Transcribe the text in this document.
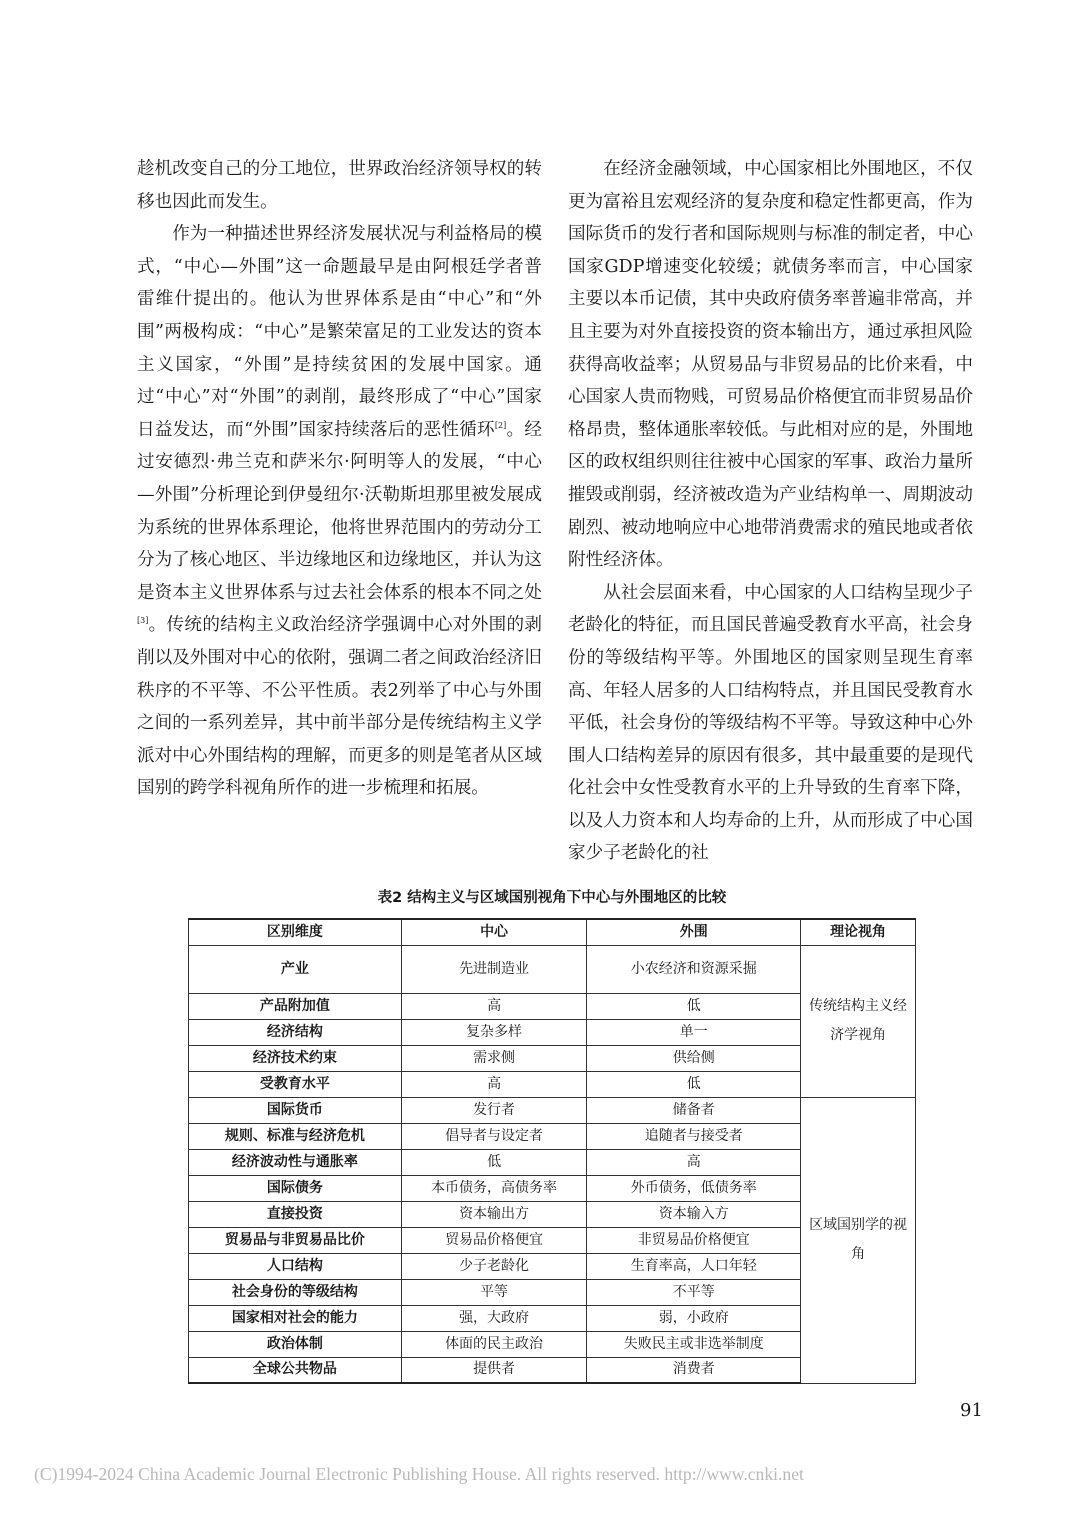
趁机改变自己的分工地位，世界政治经济领导权的转移也因此而发生。

作为一种描述世界经济发展状况与利益格局的模式，“中心—外围”这一命题最早是由阿根廷学者普雷维什提出的。他认为世界体系是由“中心”和“外围”两极构成：“中心”是繁荣富足的工业发达的资本主义国家，“外围”是持续贫困的发展中国家。通过“中心”对“外围”的剥削，最终形成了“中心”国家日益发达，而“外围”国家持续落后的恶性循环[2]。经过安德烈·弗兰克和萨米尔·阿明等人的发展，“中心—外围”分析理论到伊曼纽尔·沃勒斯坦那里被发展成为系统的世界体系理论，他将世界范围内的劳动分工分为了核心地区、半边缘地区和边缘地区，并认为这是资本主义世界体系与过去社会体系的根本不同之处[3]。传统的结构主义政治经济学强调中心对外围的剥削以及外围对中心的依附，强调二者之间政治经济旧秩序的不平等、不公平性质。表2列举了中心与外围之间的一系列差异，其中前半部分是传统结构主义学派对中心外围结构的理解，而更多的则是笔者从区域国别的跨学科视角所作的进一步梳理和拓展。

在经济金融领域，中心国家相比外围地区，不仅更为富裕且宏观经济的复杂度和稳定性都更高，作为国际货币的发行者和国际规则与标准的制定者，中心国家GDP增速变化较缓；就债务率而言，中心国家主要以本币记债，其中央政府债务率普遍非常高，并且主要为对外直接投资的资本输出方，通过承担风险获得高收益率；从贸易品与非贸易品的比价来看，中心国家人贵而物贱，可贸易品价格便宜而非贸易品价格昂贵，整体通胀率较低。与此相对应的是，外围地区的政权组织则往往被中心国家的军事、政治力量所摧毁或削弱，经济被改造为产业结构单一、周期波动剧烈、被动地响应中心地带消费需求的殖民地或者依附性经济体。

从社会层面来看，中心国家的人口结构呈现少子老龄化的特征，而且国民普遍受教育水平高，社会身份的等级结构平等。外围地区的国家则呈现生育率高、年轻人居多的人口结构特点，并且国民受教育水平低，社会身份的等级结构不平等。导致这种中心外围人口结构差异的原因有很多，其中最重要的是现代化社会中女性受教育水平的上升导致的生育率下降，以及人力资本和人均寿命的上升，从而形成了中心国家少子老龄化的社

表2 结构主义与区域国别视角下中心与外围地区的比较
区别维度	中心	外围	理论视角
产业	先进制造业	小农经济和资源采掘	传统结构主义经济学视角
产品附加值	高	低	
经济结构	复杂多样	单一	
经济技术约束	需求侧	供给侧	
受教育水平	高	低	
国际货币	发行者	储备者	区域国别学的视角
规则、标准与经济危机	倡导者与设定者	追随者与接受者	
经济波动性与通胀率	低	高	
国际债务	本币债务，高债务率	外币债务，低债务率	
直接投资	资本输出方	资本输入方	
贸易品与非贸易品比价	贸易品价格便宜	非贸易品价格便宜	
人口结构	少子老龄化	生育率高，人口年轻	
社会身份的等级结构	平等	不平等	
国家相对社会的能力	强，大政府	弱，小政府	
政治体制	体面的民主政治	失败民主或非选举制度	
全球公共物品	提供者	消费者	
91
(C)1994-2024 China Academic Journal Electronic Publishing House. All rights reserved. http://www.cnki.net
